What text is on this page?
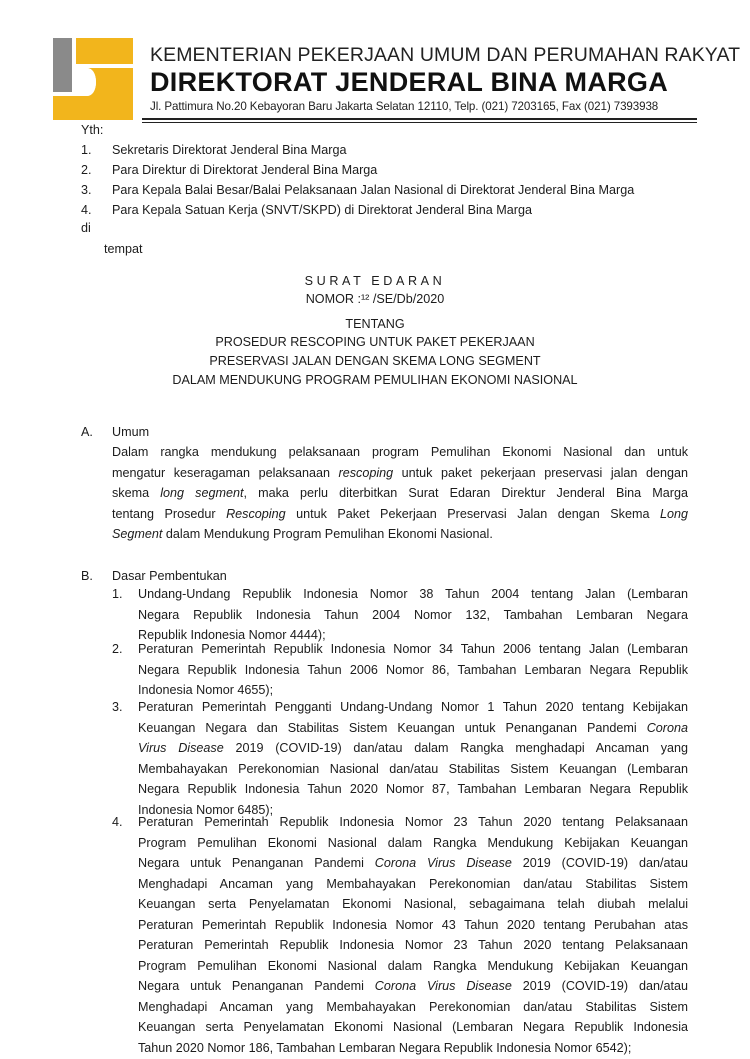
KEMENTERIAN PEKERJAAN UMUM DAN PERUMAHAN RAKYAT
DIREKTORAT JENDERAL BINA MARGA
Jl. Pattimura No.20 Kebayoran Baru Jakarta Selatan 12110, Telp. (021) 7203165, Fax (021) 7393938
Yth:
1. Sekretaris Direktorat Jenderal Bina Marga
2. Para Direktur di Direktorat Jenderal Bina Marga
3. Para Kepala Balai Besar/Balai Pelaksanaan Jalan Nasional di Direktorat Jenderal Bina Marga
4. Para Kepala Satuan Kerja (SNVT/SKPD) di Direktorat Jenderal Bina Marga
di
tempat
SURAT EDARAN
NOMOR :¹² /SE/Db/2020
TENTANG
PROSEDUR RESCOPING UNTUK PAKET PEKERJAAN
PRESERVASI JALAN DENGAN SKEMA LONG SEGMENT
DALAM MENDUKUNG PROGRAM PEMULIHAN EKONOMI NASIONAL
A. Umum
Dalam rangka mendukung pelaksanaan program Pemulihan Ekonomi Nasional dan untuk
mengatur keseragaman pelaksanaan rescoping untuk paket pekerjaan preservasi jalan dengan
skema long segment, maka perlu diterbitkan Surat Edaran Direktur Jenderal Bina Marga
tentang Prosedur Rescoping untuk Paket Pekerjaan Preservasi Jalan dengan Skema Long
Segment dalam Mendukung Program Pemulihan Ekonomi Nasional.
B. Dasar Pembentukan
1. Undang-Undang Republik Indonesia Nomor 38 Tahun 2004 tentang Jalan (Lembaran
Negara Republik Indonesia Tahun 2004 Nomor 132, Tambahan Lembaran Negara
Republik Indonesia Nomor 4444);
2. Peraturan Pemerintah Republik Indonesia Nomor 34 Tahun 2006 tentang Jalan (Lembaran
Negara Republik Indonesia Tahun 2006 Nomor 86, Tambahan Lembaran Negara Republik
Indonesia Nomor 4655);
3. Peraturan Pemerintah Pengganti Undang-Undang Nomor 1 Tahun 2020 tentang Kebijakan
Keuangan Negara dan Stabilitas Sistem Keuangan untuk Penanganan Pandemi Corona
Virus Disease 2019 (COVID-19) dan/atau dalam Rangka menghadapi Ancaman yang
Membahayakan Perekonomian Nasional dan/atau Stabilitas Sistem Keuangan (Lembaran
Negara Republik Indonesia Tahun 2020 Nomor 87, Tambahan Lembaran Negara Republik
Indonesia Nomor 6485);
4. Peraturan Pemerintah Republik Indonesia Nomor 23 Tahun 2020 tentang Pelaksanaan
Program Pemulihan Ekonomi Nasional dalam Rangka Mendukung Kebijakan Keuangan
Negara untuk Penanganan Pandemi Corona Virus Disease 2019 (COVID-19) dan/atau
Menghadapi Ancaman yang Membahayakan Perekonomian dan/atau Stabilitas Sistem
Keuangan serta Penyelamatan Ekonomi Nasional, sebagaimana telah diubah melalui
Peraturan Pemerintah Republik Indonesia Nomor 43 Tahun 2020 tentang Perubahan atas
Peraturan Pemerintah Republik Indonesia Nomor 23 Tahun 2020 tentang Pelaksanaan
Program Pemulihan Ekonomi Nasional dalam Rangka Mendukung Kebijakan Keuangan
Negara untuk Penanganan Pandemi Corona Virus Disease 2019 (COVID-19) dan/atau
Menghadapi Ancaman yang Membahayakan Perekonomian dan/atau Stabilitas Sistem
Keuangan serta Penyelamatan Ekonomi Nasional (Lembaran Negara Republik Indonesia
Tahun 2020 Nomor 186, Tambahan Lembaran Negara Republik Indonesia Nomor 6542);
